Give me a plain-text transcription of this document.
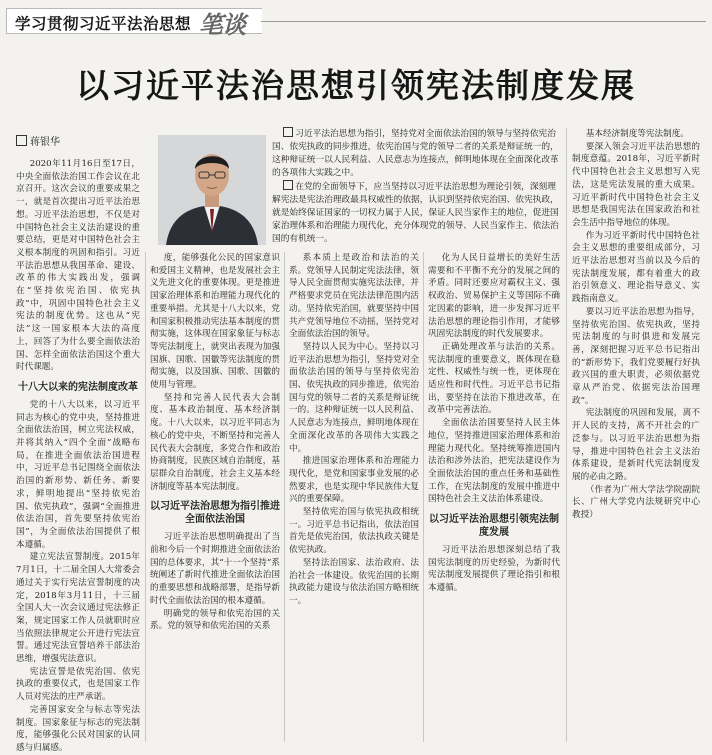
学习贯彻习近平法治思想 笔谈
以习近平法治思想引领宪法制度发展
蒋银华
习近平法治思想为指引，坚持党对全面依法治国的领导与坚持依宪治国、依宪执政的同步推进，依宪治国与党的领导二者的关系是辩证统一的，这种辩证统一以人民利益、人民意志为连接点，鲜明地体现在全面深化改革的各项伟大实践之中。
在党的全面领导下，应当坚持以习近平法治思想为理论引领，深刻理解宪法是宪法治理政最具权威性的依据，认识到坚持依宪治国、依宪执政，就是始终保证国家的一切权力属于人民，保证人民当家作主的地位，促进国家治理体系和治理能力现代化，充分体现党的领导、人民当家作主、依法治国的有机统一。

2020年11月16日至17日，中央全面依法治国工作会议在北京召开。这次会议的重要成果之一，就是首次提出习近平法治思想。习近平法治思想，不仅是对中国特色社会主义法治建设的重要总结，更是对中国特色社会主义根本制度的巩固和指引。习近平法治思想从我国革命、建设、改革的伟大实践出发，强调在“坚持依宪治国、依宪执政”中，巩固中国特色社会主义宪法的制度优势。这也从“宪法”这一国家根本大法的高度上，回答了为什么要全面依法治国、怎样全面依法治国这个重大时代课题。

十八大以来的宪法制度改革

党的十八大以来，以习近平同志为核心的党中央，坚持推进全面依法治国，树立宪法权威，并将其纳入“四个全面”战略布局，在推进全面依法治国进程中，习近平总书记围绕全面依法治国的新形势、新任务、新要求，鲜明地提出“坚持依宪治国、依宪执政”，强调“全面推进依法治国，首先要坚持依宪治国”，为全面依法治国提供了根本遵循。

建立宪法宣誓制度。2015年7月1日，十二届全国人大常委会通过关于实行宪法宣誓制度的决定，2018年3月11日，十三届全国人大一次会议通过宪法修正案，规定国家工作人员就职时应当依照法律规定公开进行宪法宣誓。通过宪法宣誓培养干部法治思维，增强宪法意识。

宪法宣誓是依宪治国、依宪执政的重要仪式，也是国家工作人员对宪法的庄严承诺。

完善国家安全与标志等宪法制度。国家象征与标志的宪法制度，能够强化公民对国家的认同感与归属感。

度，能够强化公民的国家意识和爱国主义精神，也是发展社会主义先进文化的重要体现。更是推进国家治理体系和治理能力现代化的重要举措。尤其是十八大以来，党和国家积极推动宪法基本制度的贯彻实施，这体现在国家象征与标志等宪法制度上，就突出表现为加强国旗、国歌、国徽等宪法制度的贯彻实施，以及国旗、国歌、国徽的使用与管理。

坚持和完善人民代表大会制度、基本政治制度、基本经济制度。十八大以来，以习近平同志为核心的党中央，不断坚持和完善人民代表大会制度，多党合作和政治协商制度，民族区域自治制度，基层群众自治制度，社会主义基本经济制度等基本宪法制度。

以习近平法治思想为指引推进全面依法治国

习近平法治思想明确提出了当前和今后一个时期推进全面依法治国的总体要求，其“十一个坚持”系统阐述了新时代推进全面依法治国的重要思想和战略部署，是指导新时代全面依法治国的根本遵循。

明确党的领导和依宪治国的关系。党的领导和依宪治国的关系

系本质上是政治和法治的关系。党领导人民制定宪法法律，领导人民全面贯彻实施宪法法律，并严格要求党员在宪法法律范围内活动。坚持依宪治国，就要坚持中国共产党领导地位不动摇，坚持党对全面依法治国的领导。

坚持以人民为中心。坚持以习近平法治思想为指引，坚持党对全面依法治国的领导与坚持依宪治国、依宪执政的同步推进，依宪治国与党的领导二者的关系是辩证统一的。这种辩证统一以人民利益、人民意志为连接点，鲜明地体现在全面深化改革的各项伟大实践之中。

推进国家治理体系和治理能力现代化，是党和国家事业发展的必然要求，也是实现中华民族伟大复兴的重要保障。

坚持依宪治国与依宪执政相统一。习近平总书记指出，依法治国首先是依宪治国，依法执政关键是依宪执政。

坚持法治国家、法治政府、法治社会一体建设。依宪治国的长期执政能力建设与依法治国方略相统一。

化为人民日益增长的美好生活需要和不平衡不充分的发展之间的矛盾。同时还要应对霸权主义、强权政治、贸易保护主义等国际不确定因素的影响，进一步发挥习近平法治思想的理论指引作用，才能够巩固宪法制度的时代发展要求。

正确处理改革与法治的关系。宪法制度的重要意义，既体现在稳定性、权威性与统一性，更体现在适应性和时代性。习近平总书记指出，要坚持在法治下推进改革，在改革中完善法治。

全面依法治国要坚持人民主体地位，坚持推进国家治理体系和治理能力现代化。坚持统筹推进国内法治和涉外法治，把宪法建设作为全面依法治国的重点任务和基础性工作，在宪法制度的发展中推进中国特色社会主义法治体系建设。

以习近平法治思想引领宪法制度发展

习近平法治思想深刻总结了我国宪法制度的历史经验，为新时代宪法制度发展提供了理论指引和根本遵循。

基本经济制度等宪法制度。

要深入领会习近平法治思想的制度意蕴。2018年，习近平新时代中国特色社会主义思想写入宪法，这是宪法发展的重大成果。习近平新时代中国特色社会主义思想是我国宪法在国家政治和社会生活中指导地位的体现。

作为习近平新时代中国特色社会主义思想的重要组成部分，习近平法治思想对当前以及今后的宪法制度发展，都有着重大的政治引领意义、理论指导意义、实践指南意义。

要以习近平法治思想为指导，坚持依宪治国、依宪执政，坚持宪法制度的与时俱进和发展完善，深刻把握习近平总书记指出的“新形势下，我们党要履行好执政兴国的重大职责，必须依据党章从严治党、依据宪法治国理政”。

宪法制度的巩固和发展，离不开人民的支持，离不开社会的广泛参与。以习近平法治思想为指导，推进中国特色社会主义法治体系建设，是新时代宪法制度发展的必由之路。

（作者为广州大学法学院副院长、广州大学党内法规研究中心教授）
